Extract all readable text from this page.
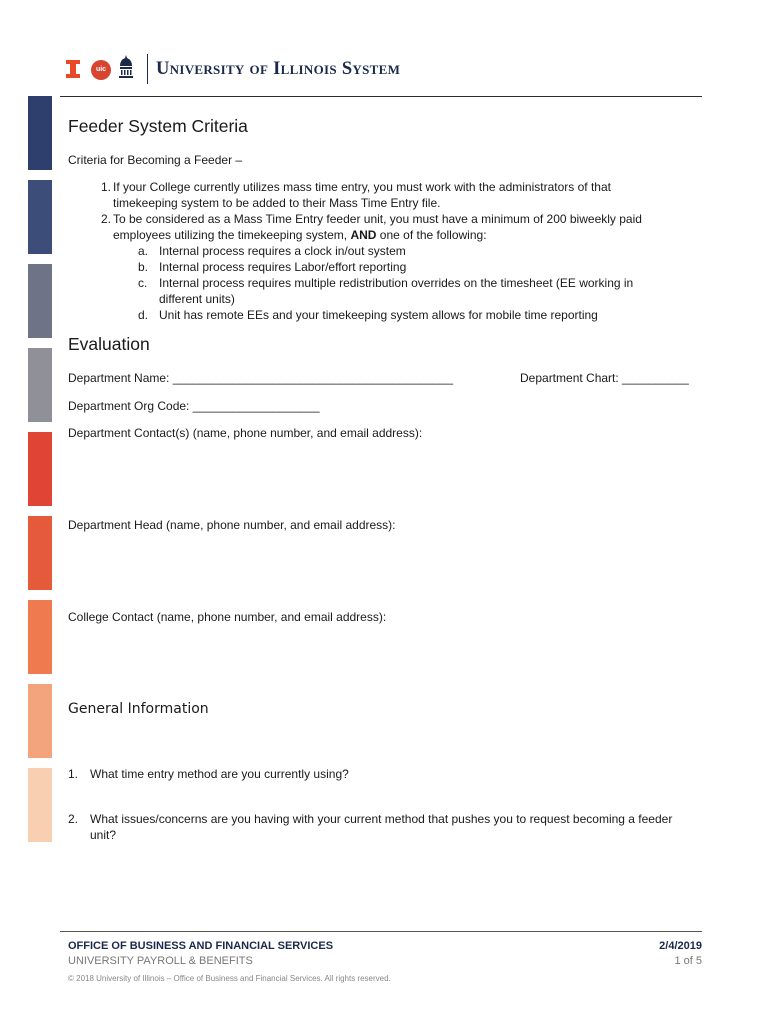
uic	University of Illinois System
Feeder System Criteria
Criteria for Becoming a Feeder –
1. If your College currently utilizes mass time entry, you must work with the administrators of that
timekeeping system to be added to their Mass Time Entry file.
2. To be considered as a Mass Time Entry feeder unit, you must have a minimum of 200 biweekly paid
employees utilizing the timekeeping system, AND one of the following:
a. Internal process requires a clock in/out system
b. Internal process requires Labor/effort reporting
c. Internal process requires multiple redistribution overrides on the timesheet (EE working in
different units)
d. Unit has remote EEs and your timekeeping system allows for mobile time reporting
Evaluation
Department Name: __________________________________________	Department Chart: __________
Department Org Code: ___________________
Department Contact(s) (name, phone number, and email address):
Department Head (name, phone number, and email address):
College Contact (name, phone number, and email address):
General Information
1. What time entry method are you currently using?
2. What issues/concerns are you having with your current method that pushes you to request becoming a feeder
unit?
OFFICE OF BUSINESS AND FINANCIAL SERVICES
UNIVERSITY PAYROLL & BENEFITS
2/4/2019
1 of 5
© 2018 University of Illinois – Office of Business and Financial Services. All rights reserved.
